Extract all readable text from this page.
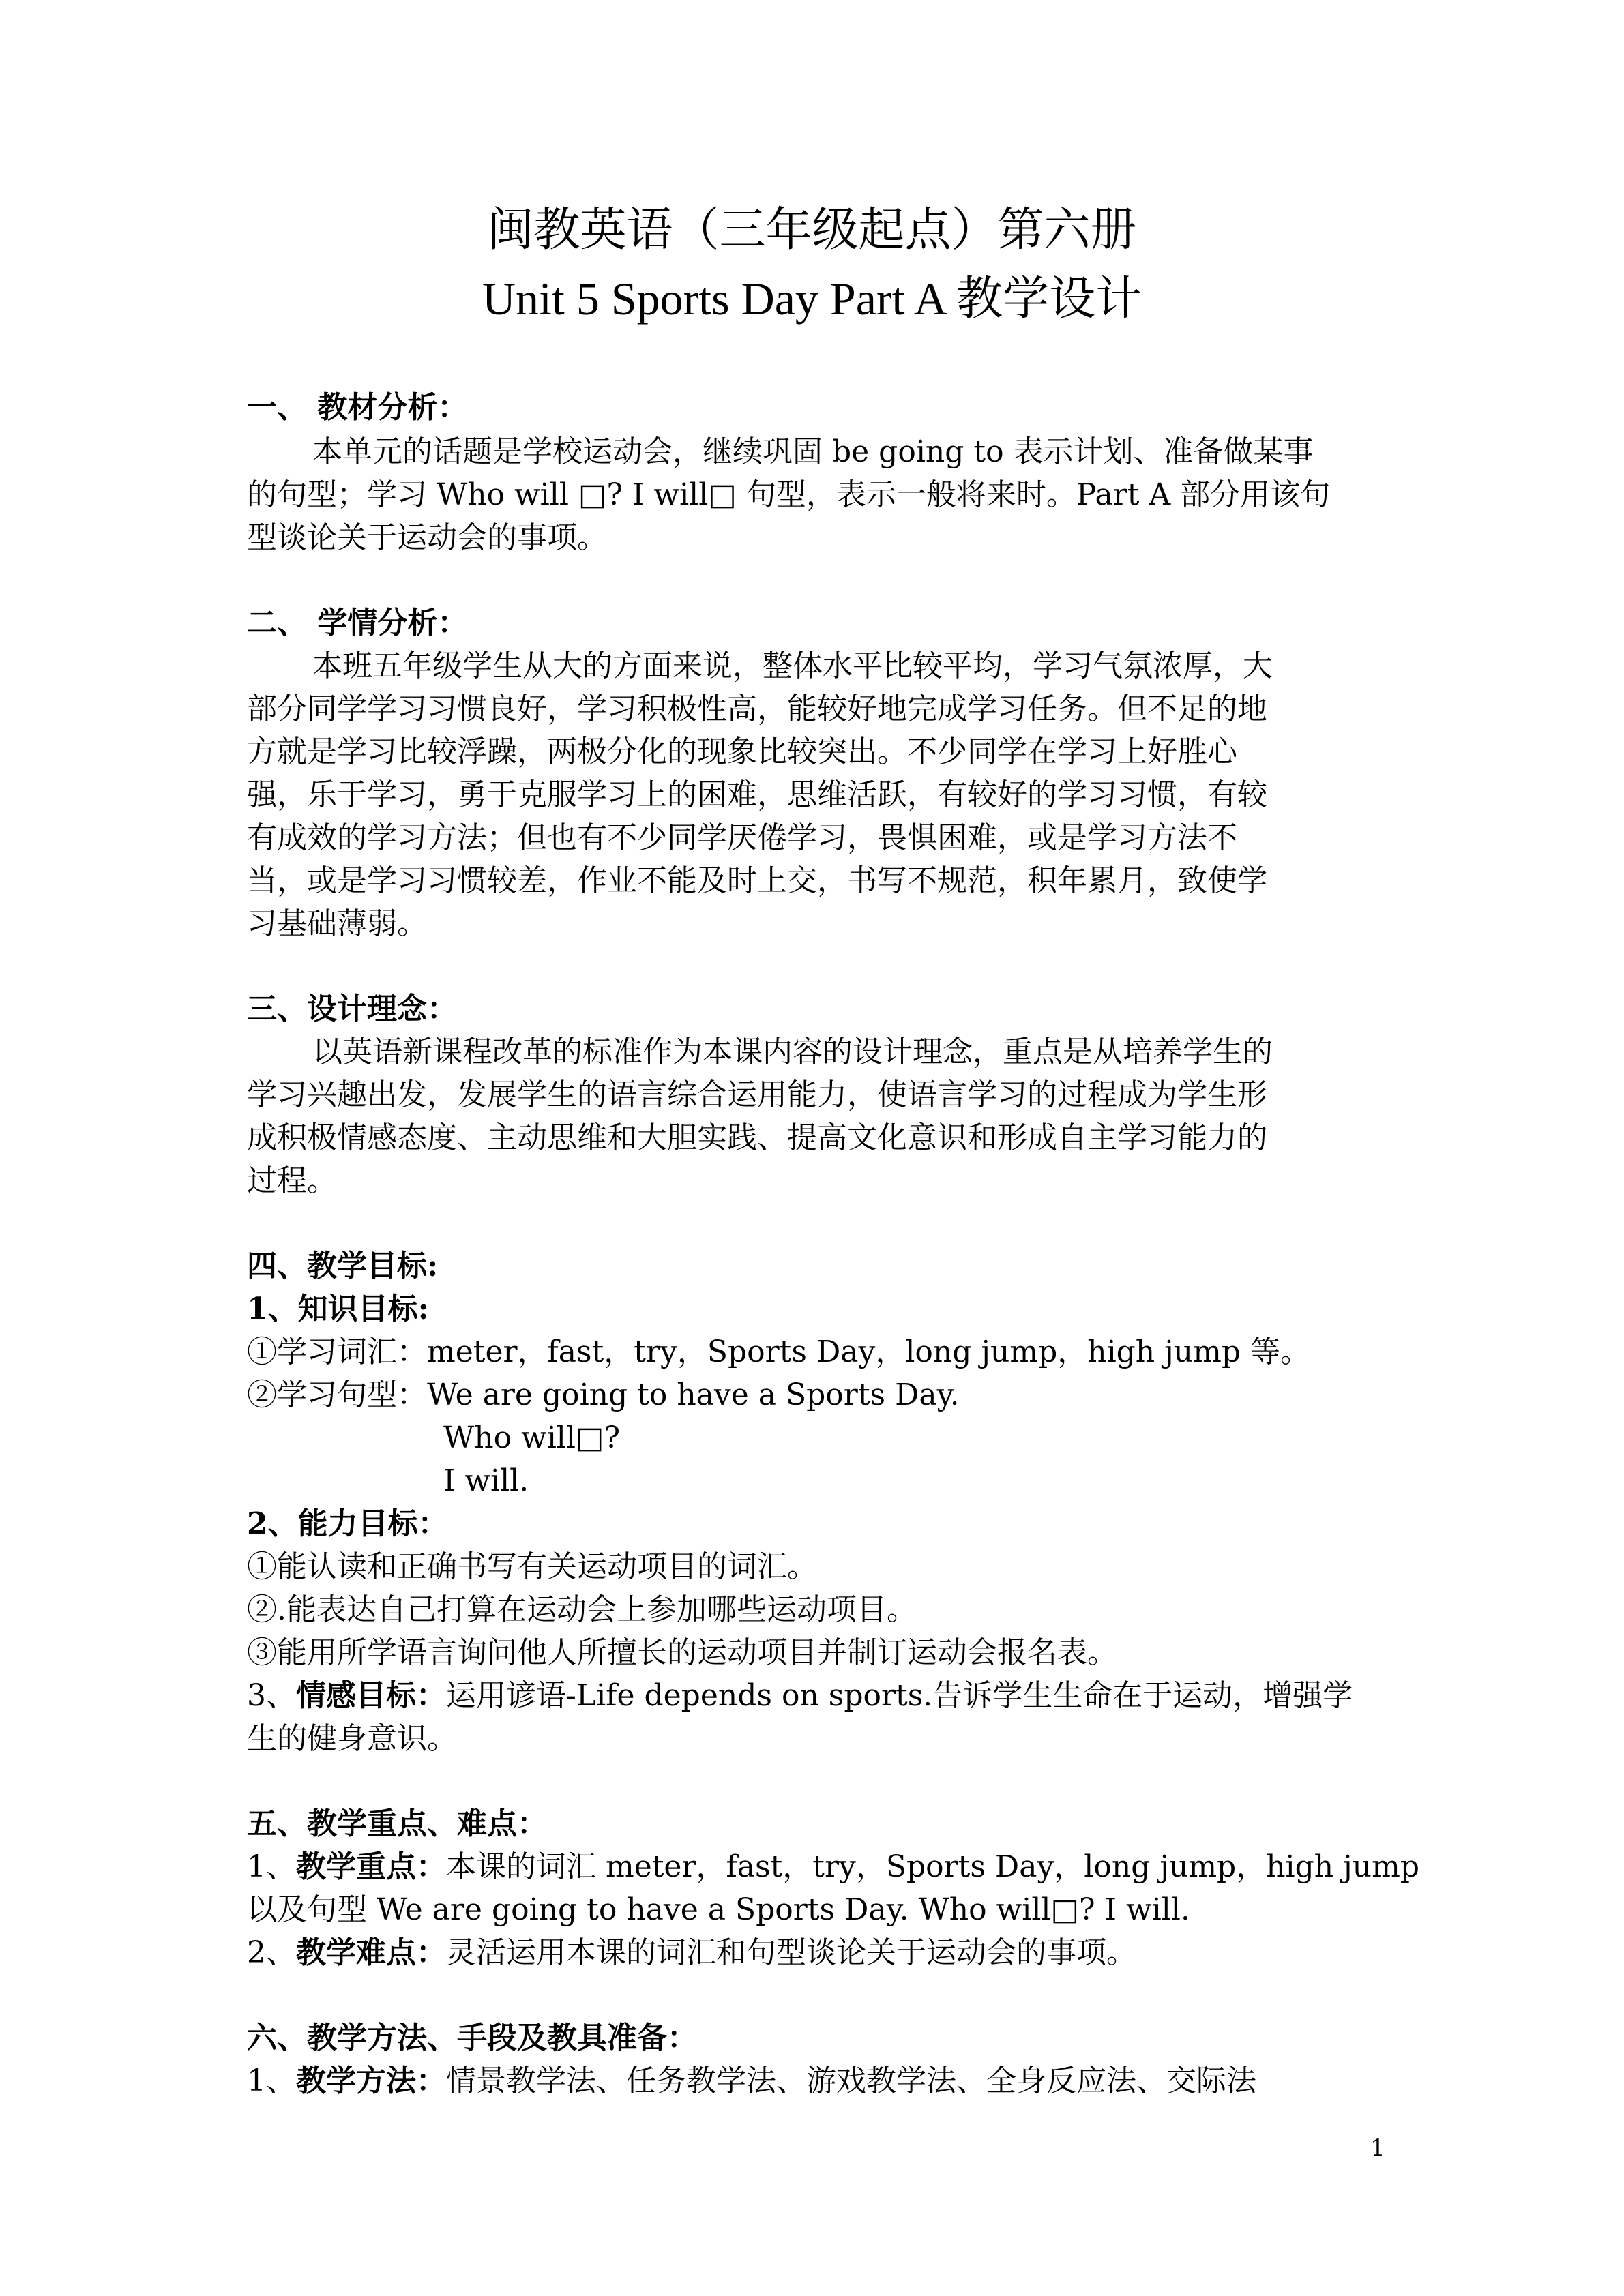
闽教英语（三年级起点）第六册
Unit 5 Sports Day Part A 教学设计
一、 教材分析：
本单元的话题是学校运动会，继续巩固 be going to 表示计划、准备做某事
的句型；学习 Who will □? I will□ 句型，表示一般将来时。Part A 部分用该句
型谈论关于运动会的事项。
二、 学情分析：
本班五年级学生从大的方面来说，整体水平比较平均，学习气氛浓厚，大
部分同学学习习惯良好，学习积极性高，能较好地完成学习任务。但不足的地
方就是学习比较浮躁，两极分化的现象比较突出。不少同学在学习上好胜心
强，乐于学习，勇于克服学习上的困难，思维活跃，有较好的学习习惯，有较
有成效的学习方法；但也有不少同学厌倦学习，畏惧困难，或是学习方法不
当，或是学习习惯较差，作业不能及时上交，书写不规范，积年累月，致使学
习基础薄弱。
三、设计理念：
以英语新课程改革的标准作为本课内容的设计理念，重点是从培养学生的
学习兴趣出发，发展学生的语言综合运用能力，使语言学习的过程成为学生形
成积极情感态度、主动思维和大胆实践、提高文化意识和形成自主学习能力的
过程。
四、教学目标:
1、知识目标:
①学习词汇：meter，fast，try，Sports Day，long jump，high jump 等。
②学习句型：We are going to have a Sports Day.
Who will□?
I will.
2、能力目标：
①能认读和正确书写有关运动项目的词汇。
②.能表达自己打算在运动会上参加哪些运动项目。
③能用所学语言询问他人所擅长的运动项目并制订运动会报名表。
3、情感目标：运用谚语-Life depends on sports.告诉学生生命在于运动，增强学
生的健身意识。
五、教学重点、难点：
1、教学重点：本课的词汇 meter，fast，try，Sports Day，long jump，high jump
以及句型 We are going to have a Sports Day. Who will□? I will.
2、教学难点：灵活运用本课的词汇和句型谈论关于运动会的事项。
六、教学方法、手段及教具准备：
1、教学方法：情景教学法、任务教学法、游戏教学法、全身反应法、交际法
1
